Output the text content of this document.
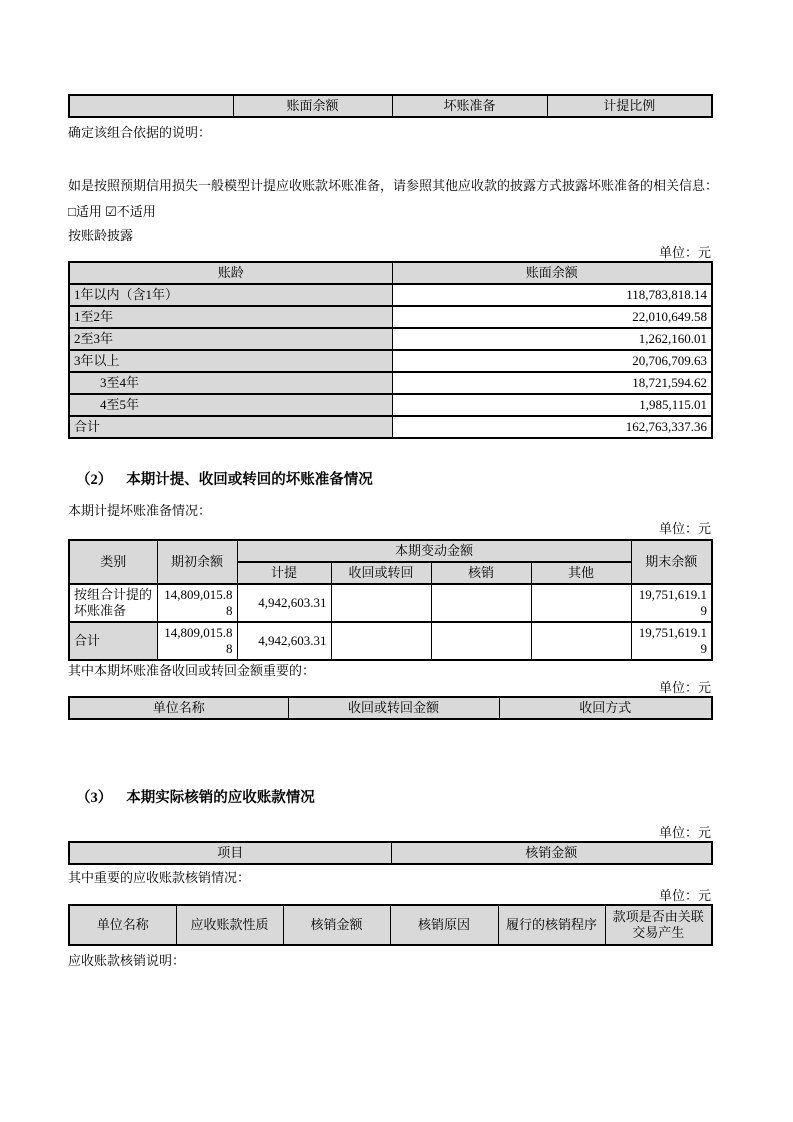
	账面余额	坏账准备	计提比例

确定该组合依据的说明：

如是按照预期信用损失一般模型计提应收账款坏账准备，请参照其他应收款的披露方式披露坏账准备的相关信息：

□适用 ☑不适用

按账龄披露

单位：元
账龄	账面余额
1年以内（含1年）	118,783,818.14
1至2年	22,010,649.58
2至3年	1,262,160.01
3年以上	20,706,709.63
3至4年	18,721,594.62
4至5年	1,985,115.01
合计	162,763,337.36
（2） 本期计提、收回或转回的坏账准备情况

本期计提坏账准备情况：

单位：元
类别	期初余额	本期变动金额				期末余额
		计提	收回或转回	核销	其他	
按组合计提的坏账准备	14,809,015.88	4,942,603.31				19,751,619.19
合计	14,809,015.88	4,942,603.31				19,751,619.19

其中本期坏账准备收回或转回金额重要的：

单位：元
单位名称	收回或转回金额	收回方式
（3） 本期实际核销的应收账款情况
单位：元
项目	核销金额

其中重要的应收账款核销情况：

单位：元
单位名称	应收账款性质	核销金额	核销原因	履行的核销程序	款项是否由关联交易产生

应收账款核销说明：
